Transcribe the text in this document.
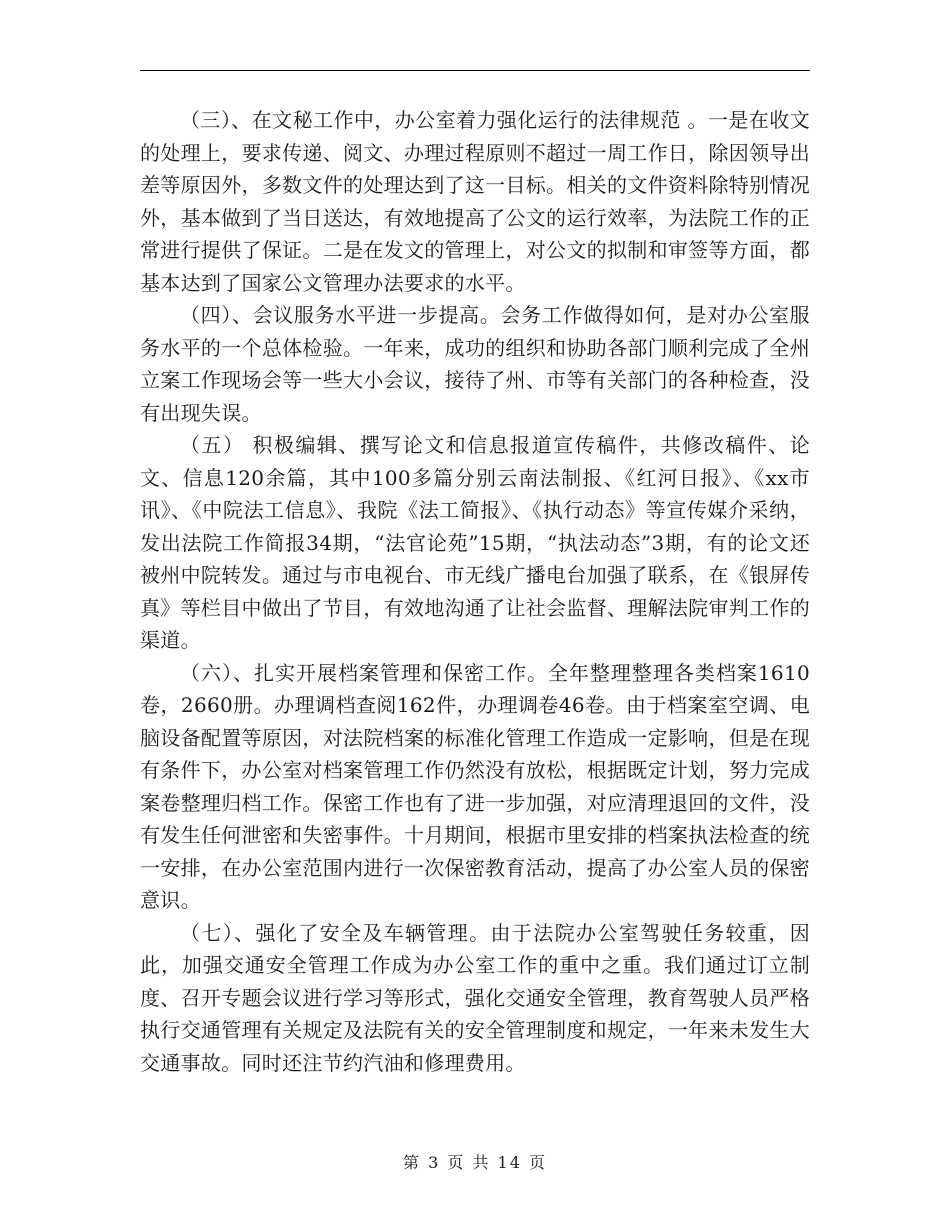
（三）、在文秘工作中，办公室着力强化运行的法律规范 。一是在收文的处理上，要求传递、阅文、办理过程原则不超过一周工作日，除因领导出差等原因外，多数文件的处理达到了这一目标。相关的文件资料除特别情况外，基本做到了当日送达，有效地提高了公文的运行效率，为法院工作的正常进行提供了保证。二是在发文的管理上，对公文的拟制和审签等方面，都基本达到了国家公文管理办法要求的水平。

（四）、会议服务水平进一步提高。会务工作做得如何，是对办公室服务水平的一个总体检验。一年来，成功的组织和协助各部门顺利完成了全州立案工作现场会等一些大小会议，接待了州、市等有关部门的各种检查，没有出现失误。

（五） 积极编辑、撰写论文和信息报道宣传稿件，共修改稿件、论文、信息120余篇，其中100多篇分别云南法制报、《红河日报》、《xx市讯》、《中院法工信息》、我院《法工简报》、《执行动态》等宣传媒介采纳，发出法院工作简报34期，“法官论苑”15期，“执法动态”3期，有的论文还被州中院转发。通过与市电视台、市无线广播电台加强了联系，在《银屏传真》等栏目中做出了节目，有效地沟通了让社会监督、理解法院审判工作的渠道。

（六）、扎实开展档案管理和保密工作。全年整理整理各类档案1610卷，2660册。办理调档查阅162件，办理调卷46卷。由于档案室空调、电脑设备配置等原因，对法院档案的标准化管理工作造成一定影响，但是在现有条件下，办公室对档案管理工作仍然没有放松，根据既定计划，努力完成案卷整理归档工作。保密工作也有了进一步加强，对应清理退回的文件，没有发生任何泄密和失密事件。十月期间，根据市里安排的档案执法检查的统一安排，在办公室范围内进行一次保密教育活动，提高了办公室人员的保密意识。

（七）、强化了安全及车辆管理。由于法院办公室驾驶任务较重，因此，加强交通安全管理工作成为办公室工作的重中之重。我们通过订立制度、召开专题会议进行学习等形式，强化交通安全管理，教育驾驶人员严格执行交通管理有关规定及法院有关的安全管理制度和规定，一年来未发生大交通事故。同时还注节约汽油和修理费用。

第 3 页 共 14 页
